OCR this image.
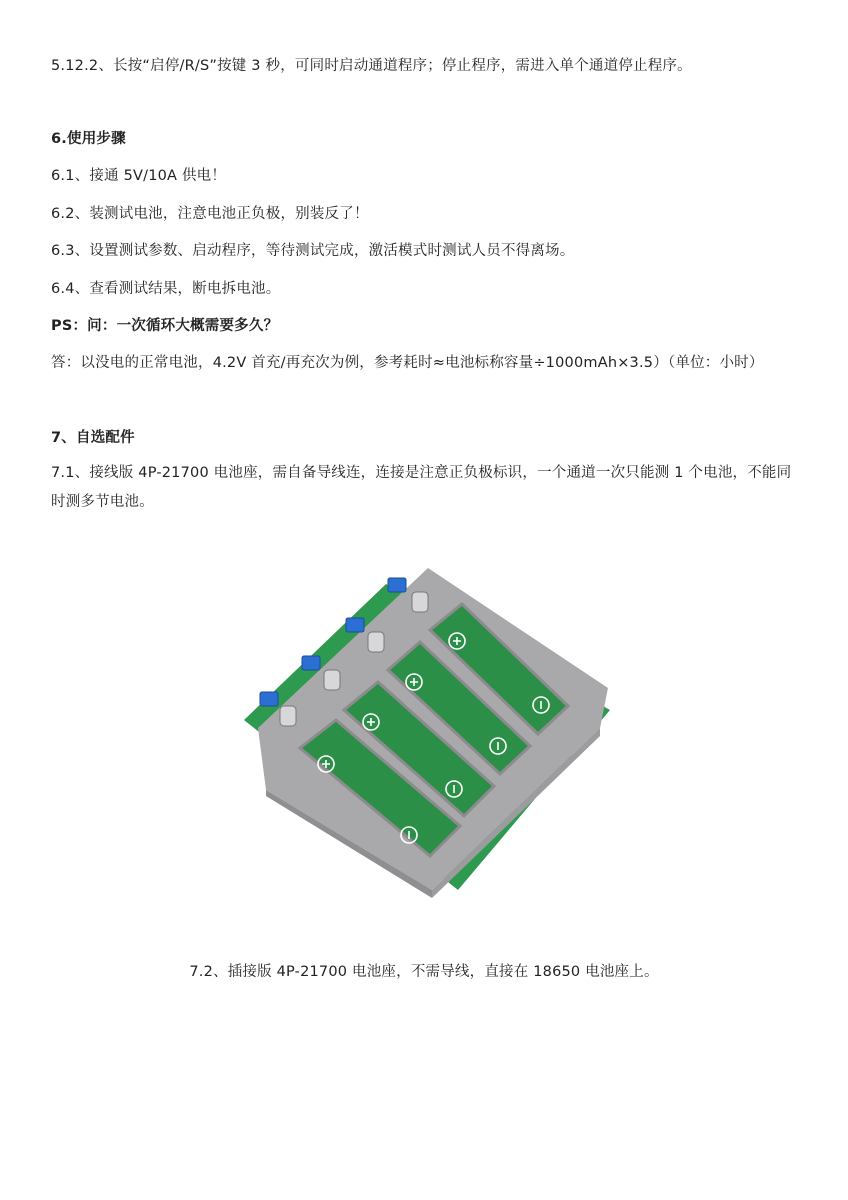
5.12.2、长按“启停/R/S”按键 3 秒，可同时启动通道程序；停止程序，需进入单个通道停止程序。
6.使用步骤
6.1、接通 5V/10A 供电！
6.2、装测试电池，注意电池正负极，别装反了！
6.3、设置测试参数、启动程序，等待测试完成，激活模式时测试人员不得离场。
6.4、查看测试结果，断电拆电池。
PS：问：一次循环大概需要多久？
答：以没电的正常电池，4.2V 首充/再充次为例，参考耗时≈电池标称容量÷1000mAh×3.5）（单位：小时）
7、自选配件
7.1、接线版 4P-21700 电池座，需自备导线连，连接是注意正负极标识，一个通道一次只能测 1 个电池，不能同时测多节电池。
7.2、插接版 4P-21700 电池座，不需导线，直接在 18650 电池座上。
